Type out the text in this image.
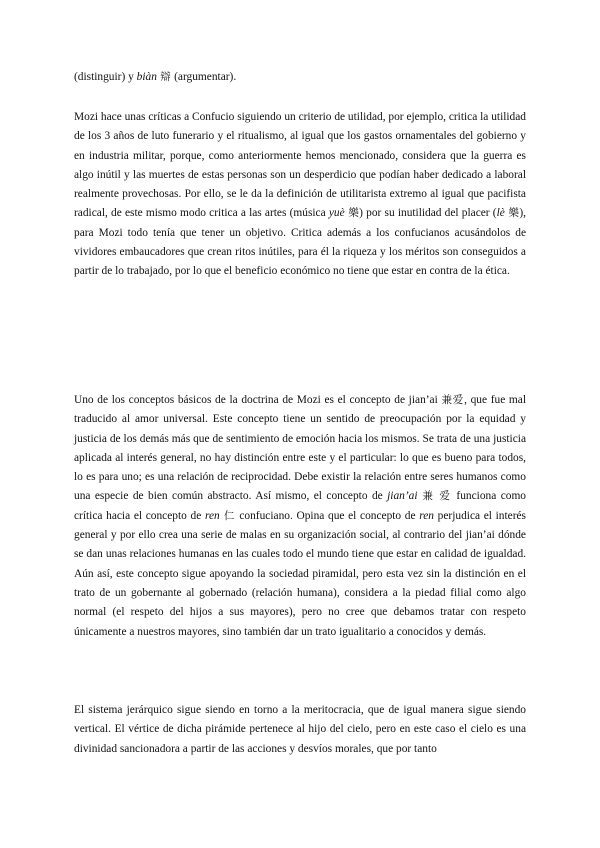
(distinguir) y biàn 辯 (argumentar).

Mozi hace unas críticas a Confucio siguiendo un criterio de utilidad, por ejemplo, critica la utilidad de los 3 años de luto funerario y el ritualismo, al igual que los gastos ornamentales del gobierno y en industria militar, porque, como anteriormente hemos mencionado, considera que la guerra es algo inútil y las muertes de estas personas son un desperdicio que podían haber dedicado a laboral realmente provechosas. Por ello, se le da la definición de utilitarista extremo al igual que pacifista radical, de este mismo modo critica a las artes (música yuè 樂) por su inutilidad del placer (lè 樂), para Mozi todo tenía que tener un objetivo. Critica además a los confucianos acusándolos de vividores embaucadores que crean ritos inútiles, para él la riqueza y los méritos son conseguidos a partir de lo trabajado, por lo que el beneficio económico no tiene que estar en contra de la ética.

Uno de los conceptos básicos de la doctrina de Mozi es el concepto de jian’ai 兼爱, que fue mal traducido al amor universal. Este concepto tiene un sentido de preocupación por la equidad y justicia de los demás más que de sentimiento de emoción hacia los mismos. Se trata de una justicia aplicada al interés general, no hay distinción entre este y el particular: lo que es bueno para todos, lo es para uno; es una relación de reciprocidad. Debe existir la relación entre seres humanos como una especie de bien común abstracto. Así mismo, el concepto de jian’ai 兼 爱 funciona como crítica hacia el concepto de ren 仁 confuciano. Opina que el concepto de ren perjudica el interés general y por ello crea una serie de malas en su organización social, al contrario del jian’ai dónde se dan unas relaciones humanas en las cuales todo el mundo tiene que estar en calidad de igualdad. Aún así, este concepto sigue apoyando la sociedad piramidal, pero esta vez sin la distinción en el trato de un gobernante al gobernado (relación humana), considera a la piedad filial como algo normal (el respeto del hijos a sus mayores), pero no cree que debamos tratar con respeto únicamente a nuestros mayores, sino también dar un trato igualitario a conocidos y demás.

El sistema jerárquico sigue siendo en torno a la meritocracia, que de igual manera sigue siendo vertical. El vértice de dicha pirámide pertenece al hijo del cielo, pero en este caso el cielo es una divinidad sancionadora a partir de las acciones y desvíos morales, que por tanto
